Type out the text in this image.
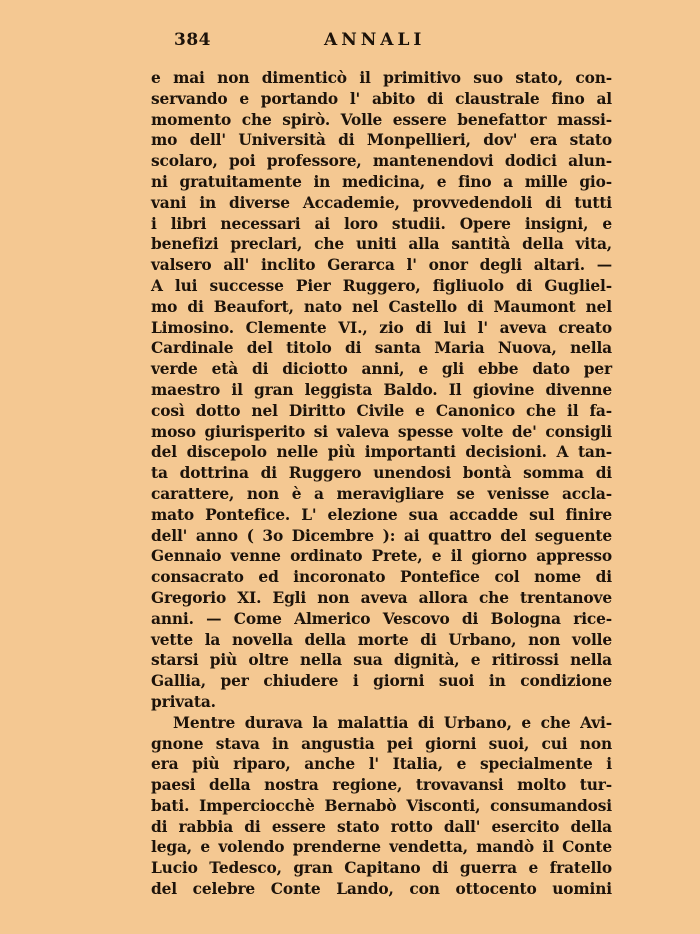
384	ANNALI
e mai non dimenticò il primitivo suo stato, con-
servando e portando l' abito di claustrale fino al
momento che spirò. Volle essere benefattor massi-
mo dell' Università di Monpellieri, dov' era stato
scolaro, poi professore, mantenendovi dodici alun-
ni gratuitamente in medicina, e fino a mille gio-
vani in diverse Accademie, provvedendoli di tutti
i libri necessari ai loro studii. Opere insigni, e
benefizi preclari, che uniti alla santità della vita,
valsero all' inclito Gerarca l' onor degli altari. —
A lui successe Pier Ruggero, figliuolo di Gugliel-
mo di Beaufort, nato nel Castello di Maumont nel
Limosino. Clemente VI., zio di lui l' aveva creato
Cardinale del titolo di santa Maria Nuova, nella
verde età di diciotto anni, e gli ebbe dato per
maestro il gran leggista Baldo. Il giovine divenne
così dotto nel Diritto Civile e Canonico che il fa-
moso giurisperito si valeva spesse volte de' consigli
del discepolo nelle più importanti decisioni. A tan-
ta dottrina di Ruggero unendosi bontà somma di
carattere, non è a meravigliare se venisse accla-
mato Pontefice. L' elezione sua accadde sul finire
dell' anno ( 3o Dicembre ): ai quattro del seguente
Gennaio venne ordinato Prete, e il giorno appresso
consacrato ed incoronato Pontefice col nome di
Gregorio XI. Egli non aveva allora che trentanove
anni. — Come Almerico Vescovo di Bologna rice-
vette la novella della morte di Urbano, non volle
starsi più oltre nella sua dignità, e ritirossi nella
Gallia, per chiudere i giorni suoi in condizione
privata.
Mentre durava la malattia di Urbano, e che Avi-
gnone stava in angustia pei giorni suoi, cui non
era più riparo, anche l' Italia, e specialmente i
paesi della nostra regione, trovavansi molto tur-
bati. Imperciocchè Bernabò Visconti, consumandosi
di rabbia di essere stato rotto dall' esercito della
lega, e volendo prenderne vendetta, mandò il Conte
Lucio Tedesco, gran Capitano di guerra e fratello
del celebre Conte Lando, con ottocento uomini
